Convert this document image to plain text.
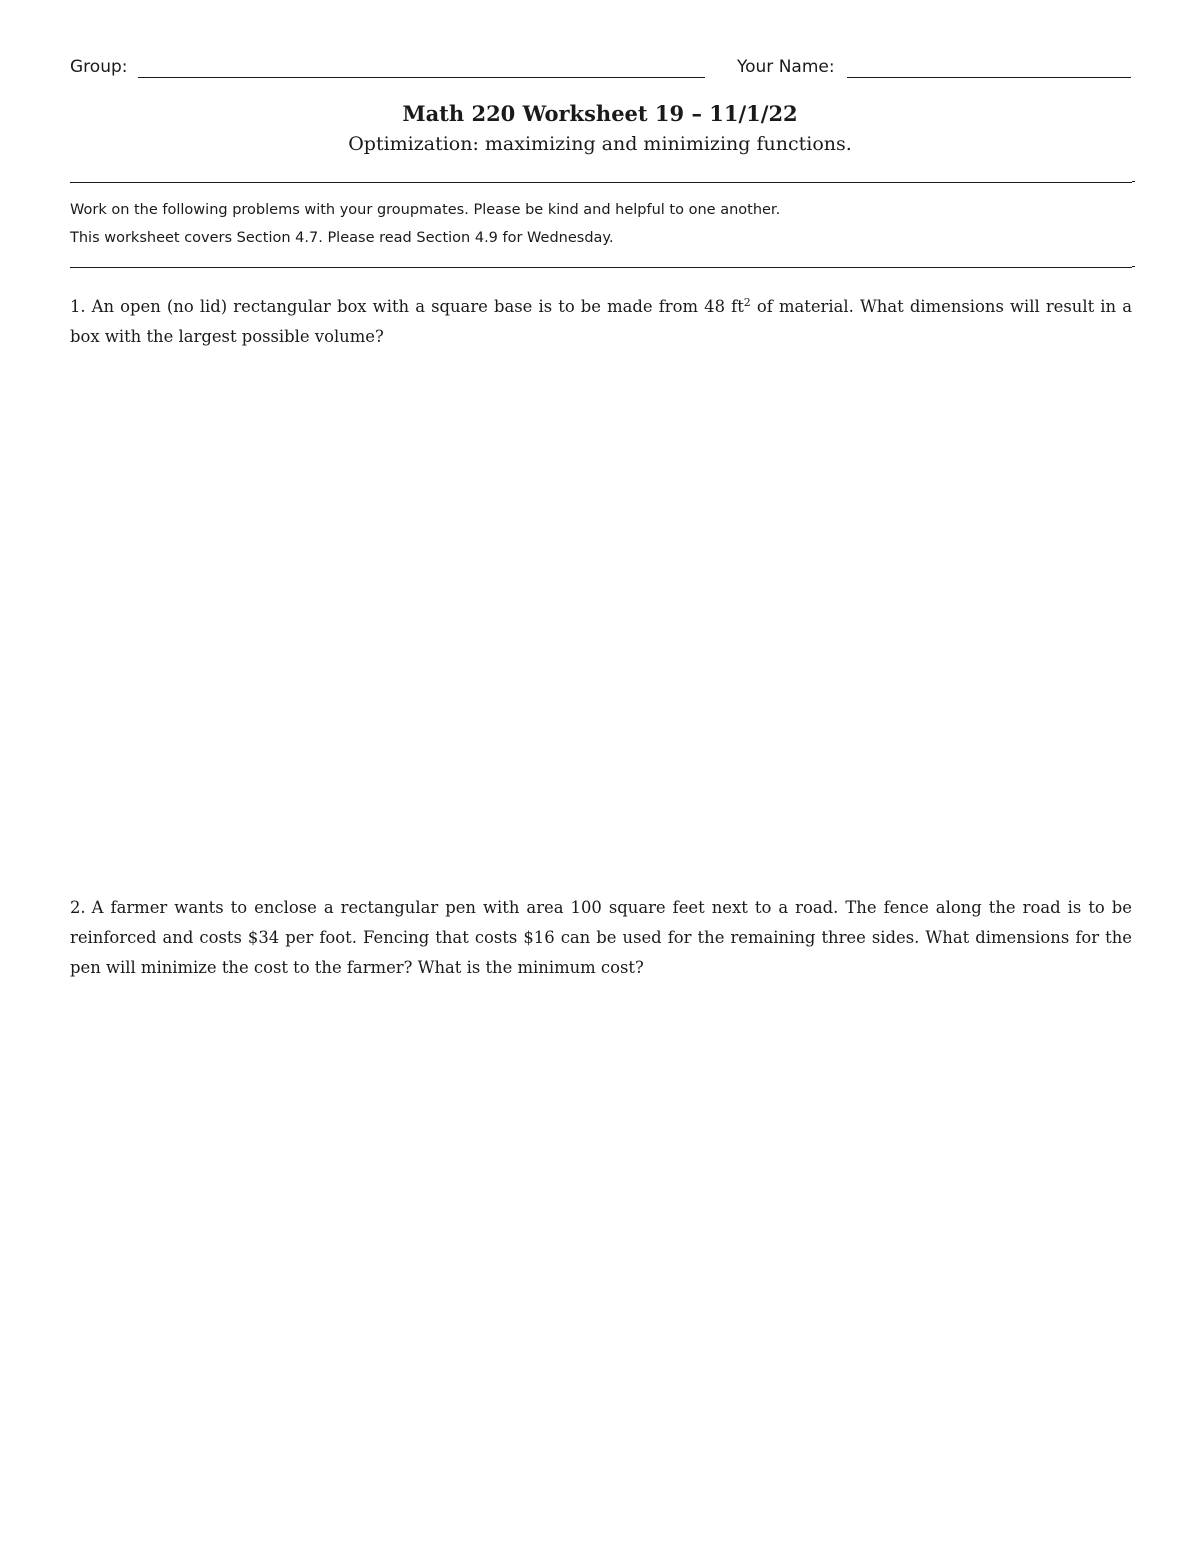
Group:	Your Name:
Math 220 Worksheet 19 – 11/1/22
Optimization: maximizing and minimizing functions.
Work on the following problems with your groupmates. Please be kind and helpful to one another.
This worksheet covers Section 4.7. Please read Section 4.9 for Wednesday.
1. An open (no lid) rectangular box with a square base is to be made from 48 $ft^2$ of material. What dimensions will result in a box with the largest possible volume?
2. A farmer wants to enclose a rectangular pen with area 100 square feet next to a road. The fence along the road is to be reinforced and costs $34 per foot. Fencing that costs $16 can be used for the remaining three sides. What dimensions for the pen will minimize the cost to the farmer? What is the minimum cost?
